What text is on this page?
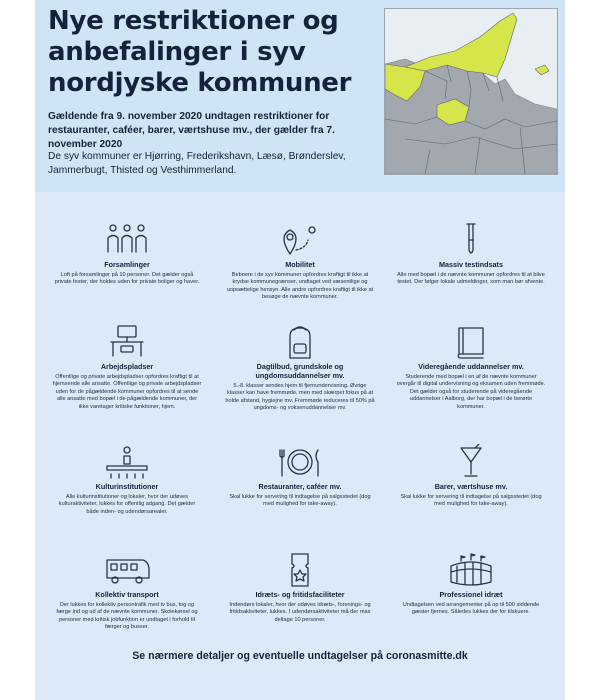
Nye restriktioner og anbefalinger i syv nordjyske kommuner
Gældende fra 9. november 2020 undtagen restriktioner for restauranter, caféer, barer, værtshuse mv., der gælder fra 7. november 2020
De syv kommuner er Hjørring, Frederikshavn, Læsø, Brønderslev, Jammerbugt, Thisted og Vesthimmerland.
Forsamlinger

Loft på forsamlinger på 10 personer. Det gælder også private fester, der holdes uden for private boliger og haver.

Mobilitet

Beboere i de syv kommuner opfordres kraftigt til ikke at krydse kommunegrænser, undtaget ved væsentlige og uopsættelige hensyn. Alle andre opfordres kraftigt til ikke at besøge de nævnte kommuner.

Massiv testindsats

Alle med bopæl i de nævnte kommuner opfordres til at blive testet. Der følger lokale udmeldinger, som man bør afvente.

Arbejdspladser

Offentlige og private arbejdspladser opfordres kraftigt til at hjemsende alle ansatte. Offentlige og private arbejdspladser uden for de pågældende kommuner opfordres til at sende alle ansatte med bopæl i de pågældende kommuner, der ikke varetager kritiske funktioner, hjem.

Dagtilbud, grundskole og ungdomsuddannelser mv.

5.-8. klasser sendes hjem til fjernundervisning. Øvrige klasser kan have fremmøde, men med skærpet fokus på at holde afstand, hygiejne mv. Fremmøde reduceres til 50% på ungdoms- og voksenuddannelser mv.

Videregående uddannelser mv.

Studerende med bopæl i en af de nævnte kommuner overgår til digital undervisning og eksamen uden fremmøde. Det gælder også for studerende på videregående uddannelser i Aalborg, der har bopæl i de berørte kommuner.

Kulturinstitutioner

Alle kulturinstitutioner og lokaler, hvor der udøves kulturaktiviteter, lukkes for offentlig adgang. Det gælder både inden- og udendørsarealer.

Restauranter, caféer mv.

Skal lukke for servering til indtagelse på salgsstedet (dog med mulighed for take-away).

Barer, værtshuse mv.

Skal lukke for servering til indtagelse på salgsstedet (dog med mulighed for take-away).

Kollektiv transport

Der lukkes for kollektiv persontrafik med tv bus, tog og færge ind og ud af de nævnte kommuner. Skolekørsel og personer med kritisk jobfunktion er undtaget i forhold til færger og busser.

Idræts- og fritidsfaciliteter

Indendørs lokaler, hvor der udøves idræts-, forenings- og fritidsaktiviteter, lukkes. I udendørsaktiviteter må der max deltage 10 personer.

Professionel idræt

Undtagelsen ved arrangementer på op til 500 siddende gæster fjernes. Således lukkes der for tilskuere.

Se nærmere detaljer og eventuelle undtagelser på coronasmitte.dk
